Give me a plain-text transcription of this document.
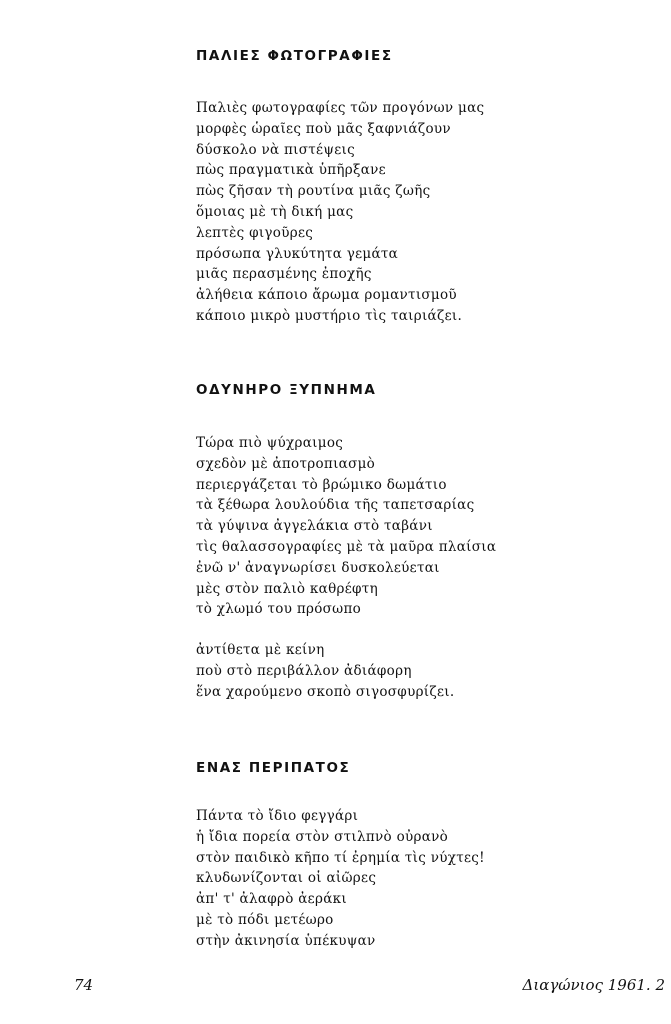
ΠΑΛΙΕΣ ΦΩΤΟΓΡΑΦΙΕΣ

Παλιὲς φωτογραφίες τῶν προγόνων μας
μορφὲς ὡραῖες ποὺ μᾶς ξαφνιάζουν
δύσκολο νὰ πιστέψεις
πὼς πραγματικὰ ὑπῆρξανε
πὼς ζῆσαν τὴ ρουτίνα μιᾶς ζωῆς
ὅμοιας μὲ τὴ δική μας
λεπτὲς φιγοῦρες
πρόσωπα γλυκύτητα γεμάτα
μιᾶς περασμένης ἐποχῆς
ἀλήθεια κάποιο ἄρωμα ρομαντισμοῦ
κάποιο μικρὸ μυστήριο τὶς ταιριάζει.

ΟΔΥΝΗΡΟ ΞΥΠΝΗΜΑ

Τώρα πιὸ ψύχραιμος
σχεδὸν μὲ ἀποτροπιασμὸ
περιεργάζεται τὸ βρώμικο δωμάτιο
τὰ ξέθωρα λουλούδια τῆς ταπετσαρίας
τὰ γύψινα ἀγγελάκια στὸ ταβάνι
τὶς θαλασσογραφίες μὲ τὰ μαῦρα πλαίσια
ἐνῶ ν' ἀναγνωρίσει δυσκολεύεται
μὲς στὸν παλιὸ καθρέφτη
τὸ χλωμό του πρόσωπο

ἀντίθετα μὲ κείνη
ποὺ στὸ περιβάλλον ἀδιάφορη
ἕνα χαρούμενο σκοπὸ σιγοσφυρίζει.

ΕΝΑΣ ΠΕΡΙΠΑΤΟΣ

Πάντα τὸ ἴδιο φεγγάρι
ἡ ἴδια πορεία στὸν στιλπνὸ οὐρανὸ
στὸν παιδικὸ κῆπο τί ἐρημία τὶς νύχτες!
κλυδωνίζονται οἱ αἰῶρες
ἀπ' τ' ἀλαφρὸ ἀεράκι
μὲ τὸ πόδι μετέωρο
στὴν ἀκινησία ὑπέκυψαν

74	Διαγώνιος 1961. 2
